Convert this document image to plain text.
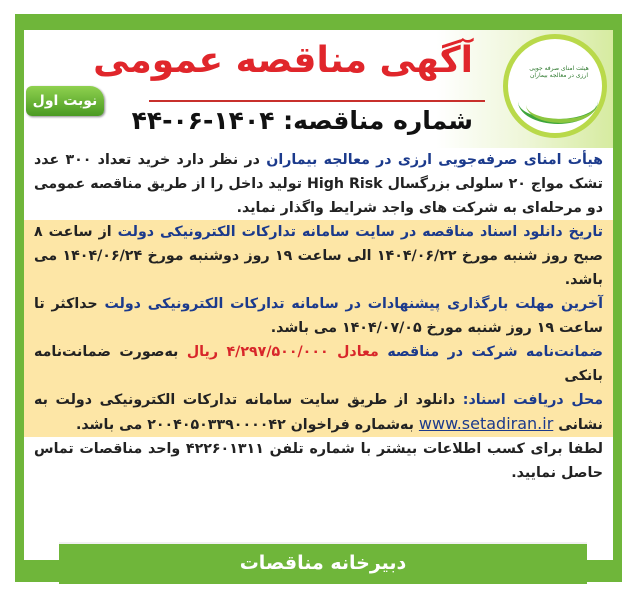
هیئت امنای صرفه جویی ارزی در معالجه بیماران
آگهی مناقصه عمومی
شماره مناقصه: ۱۴۰۴-۰۶-۴۴
نوبت اول

هیأت امنای صرفه‌جویی ارزی در معالجه بیماران در نظر دارد خرید تعداد ۳۰۰ عدد تشک مواج ۲۰ سلولی بزرگسال High Risk تولید داخل را از طریق مناقصه عمومی دو مرحله‌ای به شرکت های واجد شرایط واگذار نماید.

تاریخ دانلود اسناد مناقصه در سایت سامانه تدارکات الکترونیکی دولت از ساعت ۸ صبح روز شنبه مورخ ۱۴۰۴/۰۶/۲۲ الی ساعت ۱۹ روز دوشنبه مورخ ۱۴۰۴/۰۶/۲۴ می باشد.

آخرین مهلت بارگذاری پیشنهادات در سامانه تدارکات الکترونیکی دولت حداکثر تا ساعت ۱۹ روز شنبه مورخ ۱۴۰۴/۰۷/۰۵ می باشد.

ضمانت‌نامه شرکت در مناقصه معادل ۴/۲۹۷/۵۰۰/۰۰۰ ریال به‌صورت ضمانت‌نامه بانکی

محل دریافت اسناد: دانلود از طریق سایت سامانه تدارکات الکترونیکی دولت به نشانی www.setadiran.ir به‌شماره فراخوان ۲۰۰۴۰۵۰۳۳۹۰۰۰۰۴۲ می باشد.

لطفا برای کسب اطلاعات بیشتر با شماره تلفن ۴۲۲۶۰۱۳۱۱ واحد مناقصات تماس حاصل نمایید.

دبیرخانه مناقصات
